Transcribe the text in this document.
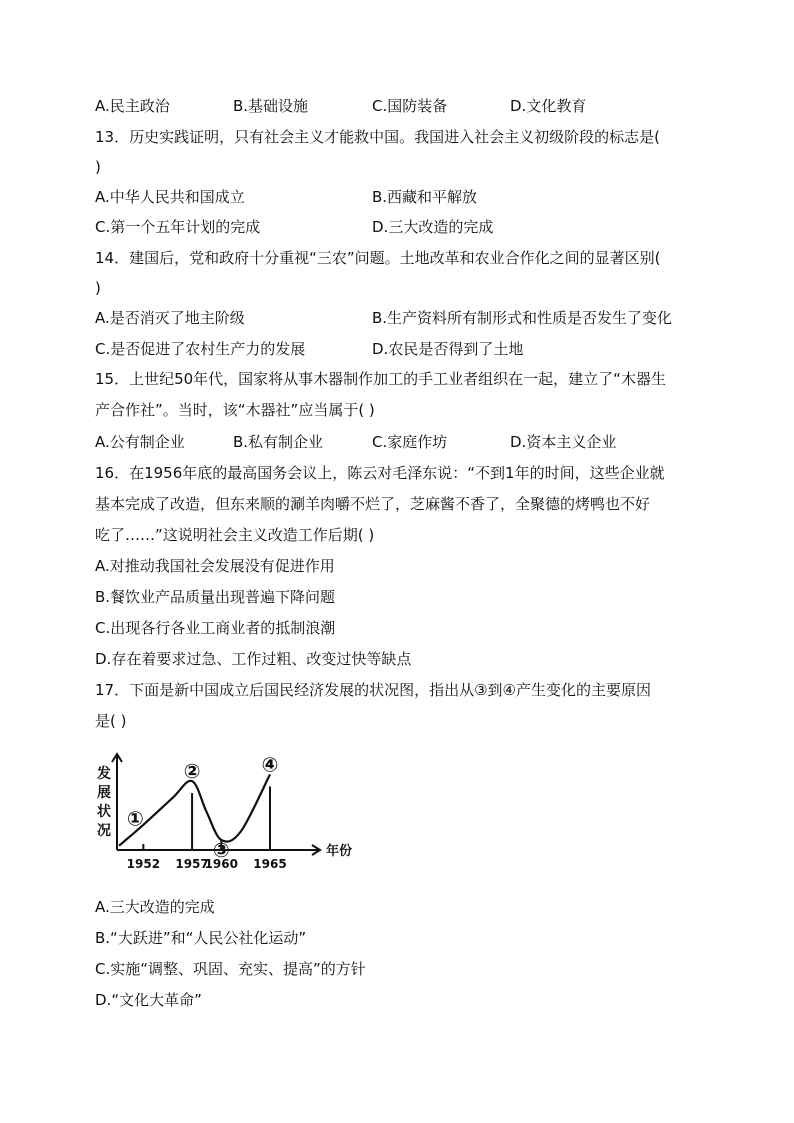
A.民主政治	B.基础设施	C.国防装备	D.文化教育
13．历史实践证明，只有社会主义才能救中国。我国进入社会主义初级阶段的标志是(
)
A.中华人民共和国成立	B.西藏和平解放
C.第一个五年计划的完成	D.三大改造的完成
14．建国后，党和政府十分重视“三农”问题。土地改革和农业合作化之间的显著区别(
)
A.是否消灭了地主阶级	B.生产资料所有制形式和性质是否发生了变化
C.是否促进了农村生产力的发展	D.农民是否得到了土地
15．上世纪50年代，国家将从事木器制作加工的手工业者组织在一起，建立了“木器生
产合作社”。当时，该“木器社”应当属于( )
A.公有制企业	B.私有制企业	C.家庭作坊	D.资本主义企业
16．在1956年底的最高国务会议上，陈云对毛泽东说：“不到1年的时间，这些企业就
基本完成了改造，但东来顺的涮羊肉嚼不烂了，芝麻酱不香了，全聚德的烤鸭也不好
吃了……”这说明社会主义改造工作后期( )
A.对推动我国社会发展没有促进作用
B.餐饮业产品质量出现普遍下降问题
C.出现各行各业工商业者的抵制浪潮
D.存在着要求过急、工作过粗、改变过快等缺点
17．下面是新中国成立后国民经济发展的状况图，指出从③到④产生变化的主要原因
是( )
发展状况
1952 1957
1960 1965
①
②
③
④
年份
A.三大改造的完成
B.“大跃进”和“人民公社化运动”
C.实施“调整、巩固、充实、提高”的方针
D.“文化大革命”
